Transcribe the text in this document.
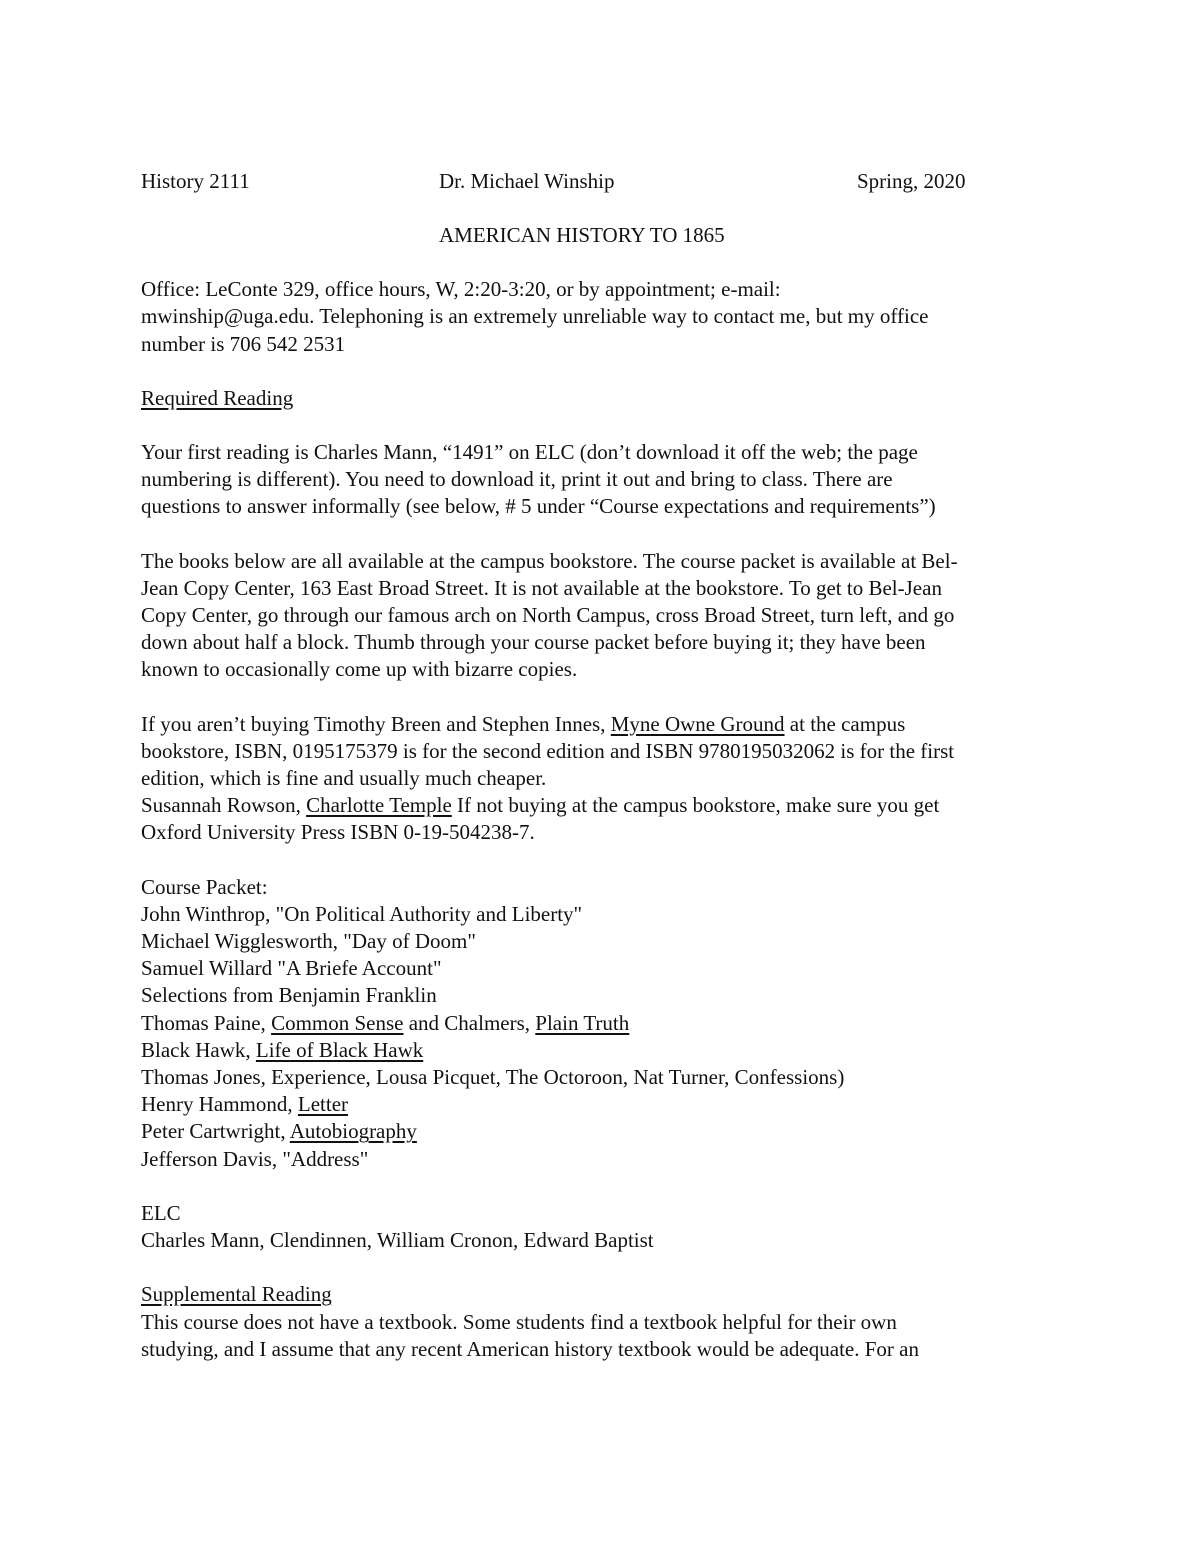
History 2111	Dr. Michael Winship	Spring, 2020

AMERICAN HISTORY TO 1865

Office: LeConte 329, office hours, W, 2:20-3:20, or by appointment; e-mail:
mwinship@uga.edu. Telephoning is an extremely unreliable way to contact me, but my office
number is 706 542 2531

Required Reading

Your first reading is Charles Mann, “1491” on ELC (don’t download it off the web; the page
numbering is different). You need to download it, print it out and bring to class. There are
questions to answer informally (see below, # 5 under “Course expectations and requirements”)

The books below are all available at the campus bookstore. The course packet is available at Bel-
Jean Copy Center, 163 East Broad Street. It is not available at the bookstore. To get to Bel-Jean
Copy Center, go through our famous arch on North Campus, cross Broad Street, turn left, and go
down about half a block. Thumb through your course packet before buying it; they have been
known to occasionally come up with bizarre copies.

If you aren’t buying Timothy Breen and Stephen Innes, Myne Owne Ground at the campus
bookstore, ISBN, 0195175379 is for the second edition and ISBN 9780195032062 is for the first
edition, which is fine and usually much cheaper.
Susannah Rowson, Charlotte Temple If not buying at the campus bookstore, make sure you get
Oxford University Press ISBN 0-19-504238-7.

Course Packet:
John Winthrop, "On Political Authority and Liberty"
Michael Wigglesworth, "Day of Doom"
Samuel Willard "A Briefe Account"
Selections from Benjamin Franklin
Thomas Paine, Common Sense and Chalmers, Plain Truth
Black Hawk, Life of Black Hawk
Thomas Jones, Experience, Lousa Picquet, The Octoroon, Nat Turner, Confessions)
Henry Hammond, Letter
Peter Cartwright, Autobiography
Jefferson Davis, "Address"

ELC
Charles Mann, Clendinnen, William Cronon, Edward Baptist

Supplemental Reading
This course does not have a textbook. Some students find a textbook helpful for their own
studying, and I assume that any recent American history textbook would be adequate. For an
